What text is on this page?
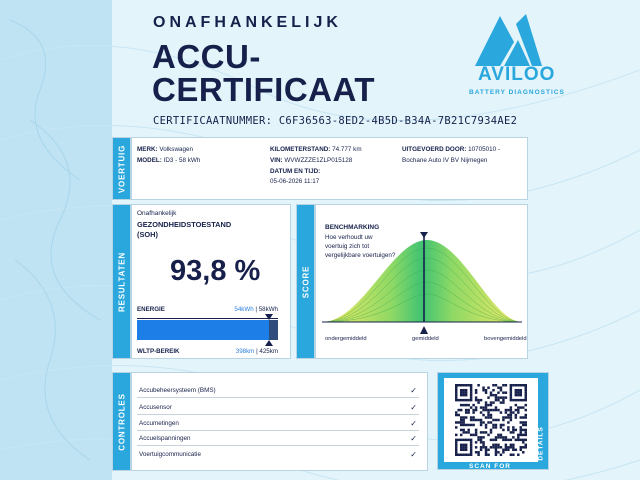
ONAFHANKELIJK
ACCU-
CERTIFICAAT
CERTIFICAATNUMMER: C6F36563-8ED2-4B5D-B34A-7B21C7934AE2
AVILOO
BATTERY DIAGNOSTICS
VOERTUIG MERK: Volkswagen
MODEL: ID3 - 58 kWh
KILOMETERSTAND: 74.777 km
VIN: WVWZZZE1ZLP015128
DATUM EN TIJD:
05-06-2026 11:17
UITGEVOERD DOOR: 10705010 -
Bochane Auto IV BV Nijmegen
RESULTATEN
Onafhankelijk
GEZONDHEIDSTOESTAND
(SOH)
93,8 %
ENERGIE	54kWh | 58kWh
WLTP-BEREIK	398km | 425km
SCORE
BENCHMARKING
Hoe verhoudt uw
voertuig zich tot
vergelijkbare voertuigen?
ondergemiddeld	gemiddeld	bovengemiddeld
CONTROLES
Accubeheersysteem (BMS)	✓
Accusensor	✓
Accumetingen	✓
Accuelspanningen	✓
Voertuigcommunicatie	✓
SCAN FOR
DETAILS
